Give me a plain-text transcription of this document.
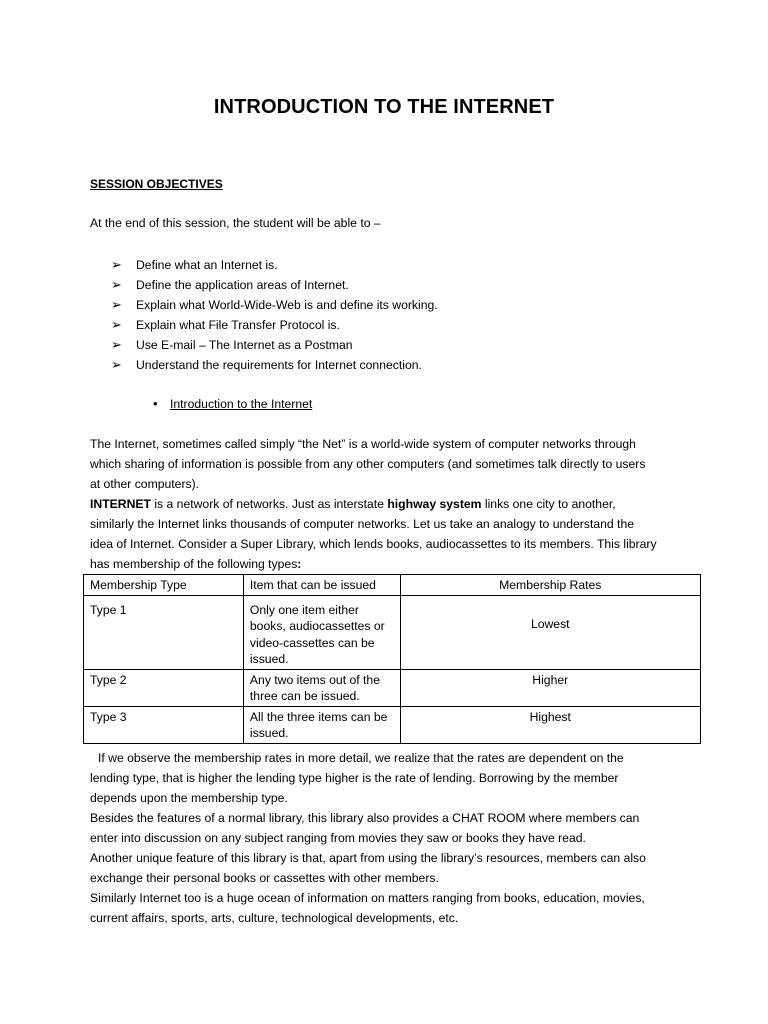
INTRODUCTION TO THE INTERNET
SESSION OBJECTIVES
At the end of this session, the student will be able to –
➢	Define what an Internet is.
➢	Define the application areas of Internet.
➢	Explain what World-Wide-Web is and define its working.
➢	Explain what File Transfer Protocol is.
➢	Use E-mail – The Internet as a Postman
➢	Understand the requirements for Internet connection.
• Introduction to the Internet
The Internet, sometimes called simply “the Net” is a world-wide system of computer networks through
which sharing of information is possible from any other computers (and sometimes talk directly to users
at other computers).
INTERNET is a network of networks. Just as interstate highway system links one city to another,
similarly the Internet links thousands of computer networks. Let us take an analogy to understand the
idea of Internet. Consider a Super Library, which lends books, audiocassettes to its members. This library
has membership of the following types:
Membership Type	Item that can be issued	Membership Rates
Type 1	Only one item either books, audiocassettes or video-cassettes can be issued.	Lowest
Type 2	Any two items out of the three can be issued.	Higher
Type 3	All the three items can be issued.	Highest
If we observe the membership rates in more detail, we realize that the rates are dependent on the
lending type, that is higher the lending type higher is the rate of lending. Borrowing by the member
depends upon the membership type.
Besides the features of a normal library, this library also provides a CHAT ROOM where members can
enter into discussion on any subject ranging from movies they saw or books they have read.
Another unique feature of this library is that, apart from using the library’s resources, members can also
exchange their personal books or cassettes with other members.
Similarly Internet too is a huge ocean of information on matters ranging from books, education, movies,
current affairs, sports, arts, culture, technological developments, etc.
